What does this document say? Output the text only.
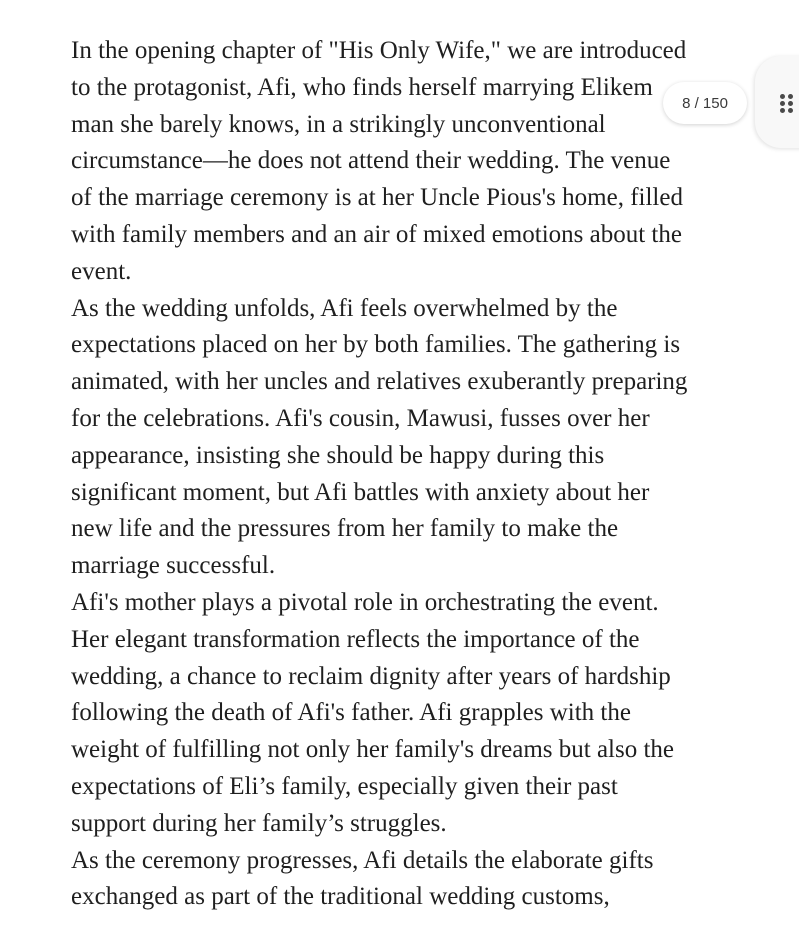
In the opening chapter of "His Only Wife," we are introduced
to the protagonist, Afi, who finds herself marrying Elikem
man she barely knows, in a strikingly unconventional
circumstance—he does not attend their wedding. The venue
of the marriage ceremony is at her Uncle Pious's home, filled
with family members and an air of mixed emotions about the
event.
As the wedding unfolds, Afi feels overwhelmed by the
expectations placed on her by both families. The gathering is
animated, with her uncles and relatives exuberantly preparing
for the celebrations. Afi's cousin, Mawusi, fusses over her
appearance, insisting she should be happy during this
significant moment, but Afi battles with anxiety about her
new life and the pressures from her family to make the
marriage successful.
Afi's mother plays a pivotal role in orchestrating the event.
Her elegant transformation reflects the importance of the
wedding, a chance to reclaim dignity after years of hardship
following the death of Afi's father. Afi grapples with the
weight of fulfilling not only her family's dreams but also the
expectations of Eli’s family, especially given their past
support during her family’s struggles.
As the ceremony progresses, Afi details the elaborate gifts
exchanged as part of the traditional wedding customs,
8 / 150
